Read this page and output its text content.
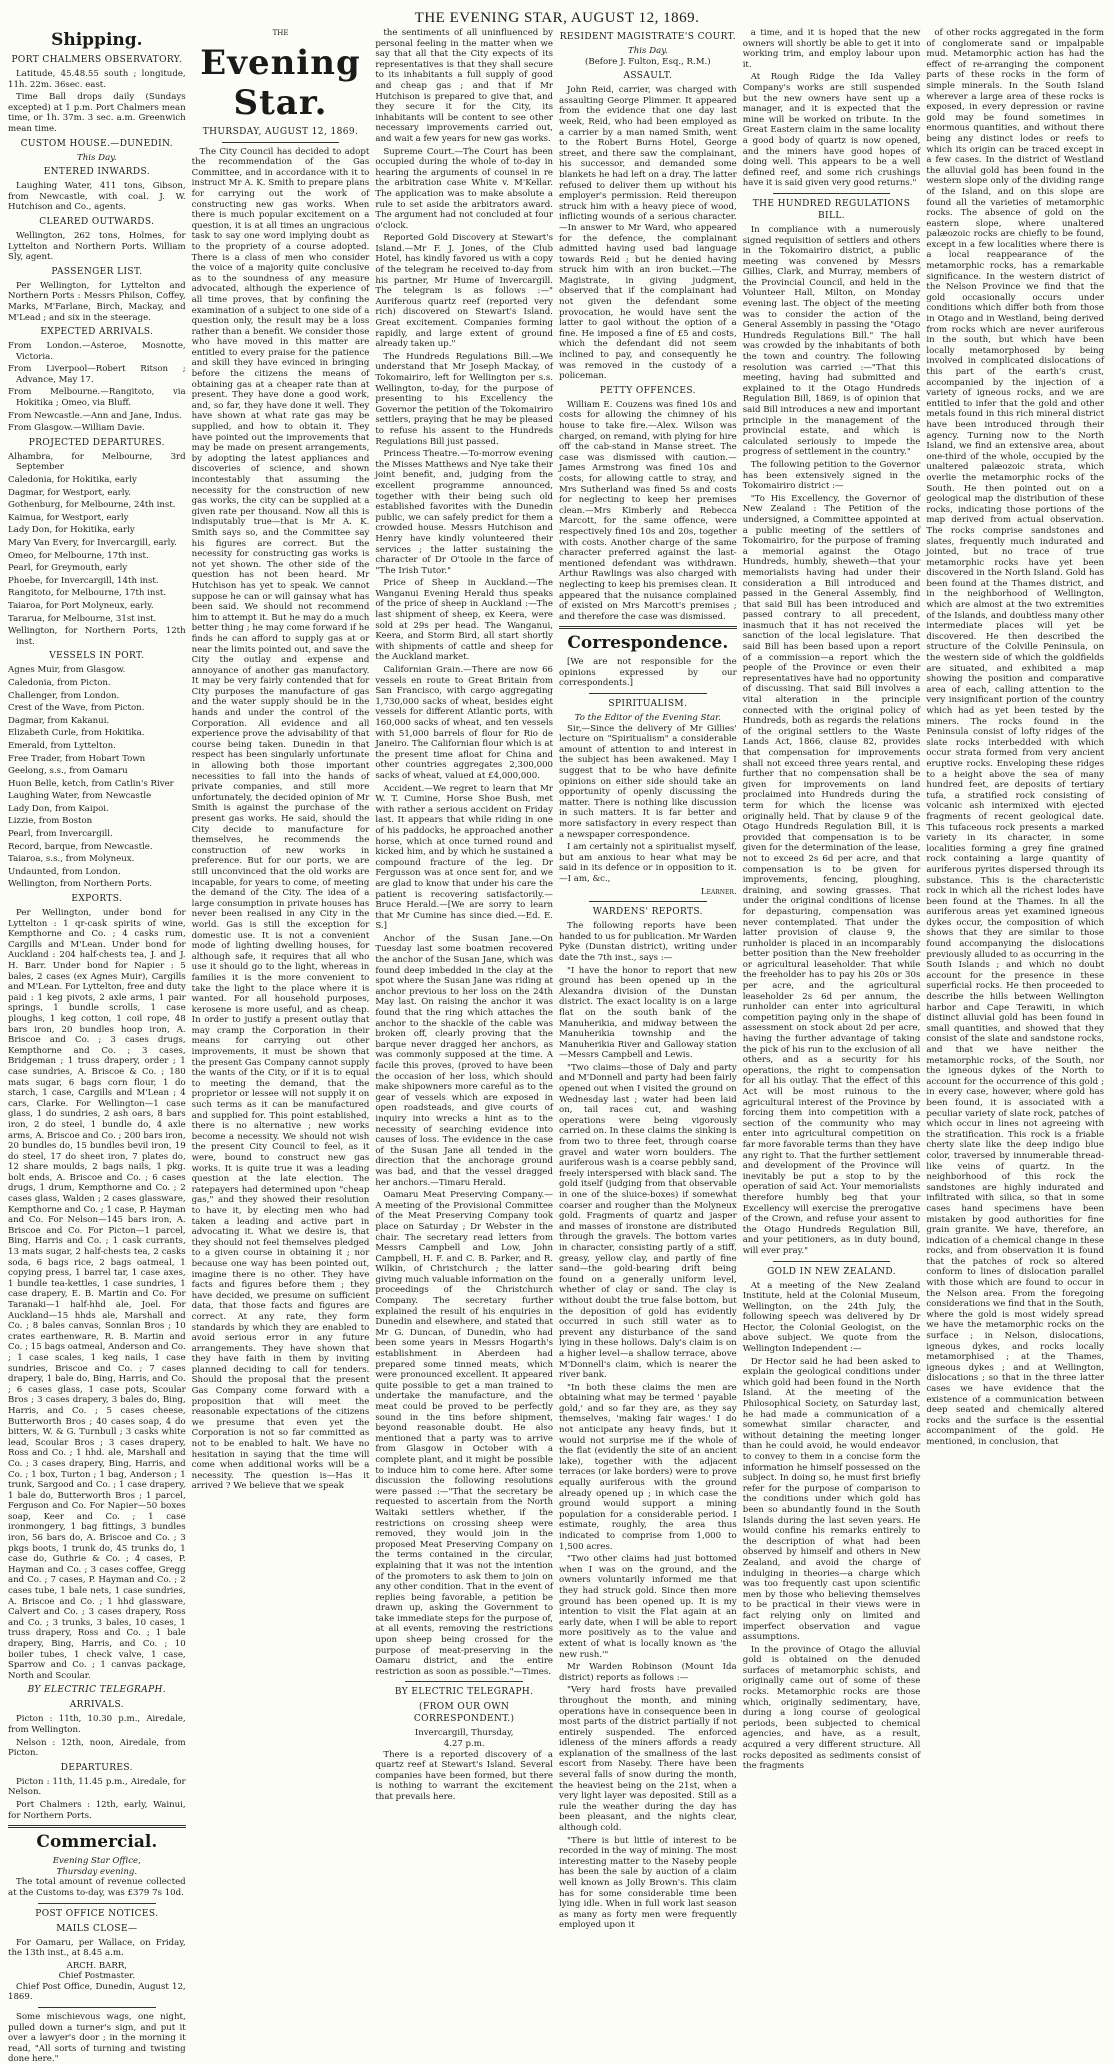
THE EVENING STAR, AUGUST 12, 1869.
Shipping.
PORT CHALMERS OBSERVATORY.

Latitude, 45.48.55 south ; longitude, 11h. 22m. 36sec. east.

Time Ball drops daily (Sundays excepted) at 1 p.m. Port Chalmers mean time, or 1h. 37m. 3 sec. a.m. Greenwich mean time.

CUSTOM HOUSE.—DUNEDIN.
This Day.
ENTERED INWARDS.

Laughing Water, 411 tons, Gibson, from Newcastle, with coal. J. W. Hutchison and Co., agents.

CLEARED OUTWARDS.

Wellington, 262 tons, Holmes, for Lyttelton and Northern Ports. William Sly, agent.

PASSENGER LIST.

Per Wellington, for Lyttelton and Northern Ports : Messrs Philson, Coffey, Marks, M'Farlane, Birch, Mackay, and M'Lead ; and six in the steerage.

EXPECTED ARRIVALS.

From London.—Asteroe, Mosnotte, Victoria.

From Liverpool—Robert Ritson ; Advance, May 17.

From Melbourne.—Rangitoto, via Hokitika ; Omeo, via Bluff.

From Newcastle.—Ann and Jane, Indus.

From Glasgow.—William Davie.

PROJECTED DEPARTURES.

Alhambra, for Melbourne, 3rd September

Caledonia, for Hokitika, early

Dagmar, for Westport, early.

Gothenburg, for Melbourne, 24th inst.

Kaimua, for Westport, early

Lady Don, for Hokitika, early

Mary Van Every, for Invercargill, early.

Omeo, for Melbourne, 17th inst.

Pearl, for Greymouth, early

Phoebe, for Invercargill, 14th inst.

Rangitoto, for Melbourne, 17th inst.

Taiaroa, for Port Molyneux, early.

Tararua, for Melbourne, 31st inst.

Wellington, for Northern Ports, 12th inst.

VESSELS IN PORT.

Agnes Muir, from Glasgow.

Caledonia, from Picton.

Challenger, from London.

Crest of the Wave, from Picton.

Dagmar, from Kakanui.

Elizabeth Curle, from Hokitika.

Emerald, from Lyttelton.

Free Trader, from Hobart Town

Geelong, s.s., from Oamaru

Huon Belle, ketch, from Catlin's River

Laughing Water, from Newcastle

Lady Don, from Kaipoi.

Lizzie, from Boston

Pearl, from Invercargill.

Record, barque, from Newcastle.

Taiaroa, s.s., from Molyneux.

Undaunted, from London.

Wellington, from Northern Ports.

EXPORTS.

Per Wellington, under bond for Lyttelton : 1 qr-cask spirits of wine, Kempthorne and Co. ; 4 casks rum, Cargills and M'Lean. Under bond for Auckland : 204 half-chests tea, J. and J. H. Barr. Under bond for Napier : 5 bales, 2 cases (ex Agnes Muir), Cargills and M'Lean. For Lyttelton, free and duty paid : 1 keg pivots, 2 axle arms, 1 pair springs, 1 bundle scrolls, 1 case ploughs, 1 keg cotton, 1 coil rope, 48 bars iron, 20 bundles hoop iron, A. Briscoe and Co. ; 3 cases drugs, Kempthorne and Co. ; 3 cases, Bridgeman ; 1 truss drapery, order ; 1 case sundries, A. Briscoe & Co. ; 180 mats sugar, 6 bags corn flour, 1 do starch, 1 case, Cargills and M'Lean ; 4 cars, Clarke. For Wellington—1 case glass, 1 do sundries, 2 ash oars, 8 bars iron, 2 do steel, 1 bundle do, 4 axle arms, A. Briscoe and Co. ; 200 bars iron, 20 bundles do, 15 bundles bevil iron, 19 do steel, 17 do sheet iron, 7 plates do, 12 share moulds, 2 bags nails, 1 pkg. bolt ends, A. Briscoe and Co. ; 6 cases drugs, 1 drum, Kempthorne and Co. ; 2 cases glass, Walden ; 2 cases glassware, Kempthorne and Co. ; 1 case, P. Hayman and Co. For Nelson—145 bars iron, A. Briscoe and Co. For Picton—1 parcel, Bing, Harris and Co. ; 1 cask currants, 13 mats sugar, 2 half-chests tea, 2 casks soda, 6 bags rice, 2 bags oatmeal, 1 copying press, 1 barrel tar, 1 case axes, 1 bundle tea-kettles, 1 case sundries, 1 case drapery, E. B. Martin and Co. For Taranaki—1 half-hhd ale, Joel. For Auckland—15 hhds ale, Marshall and Co. ; 8 bales canvas, Sonnlan Bros ; 10 crates earthenware, R. B. Martin and Co. ; 15 bags oatmeal, Anderson and Co. ; 1 case scales, 1 keg nails, 1 case sundries, Briscoe and Co. ; 7 cases drapery, 1 bale do, Bing, Harris, and Co. ; 6 cases glass, 1 case pots, Scoular Bros ; 3 cases drapery, 3 bales do, Bing, Harris, and Co. ; 5 cases cheese, Butterworth Bros ; 40 cases soap, 4 do bitters, W. & G. Turnbull ; 3 casks white lead, Scoular Bros ; 3 cases drapery, Ross and Co. ; 1 hhd. ale, Marshall and Co. ; 3 cases drapery, Bing, Harris, and Co. ; 1 box, Turton ; 1 bag, Anderson ; 1 trunk, Sargood and Co. ; 1 case drapery, 1 bale do, Butterworth Bros ; 1 parcel, Ferguson and Co. For Napier—50 boxes soap, Keer and Co. ; 1 case ironmongery, 1 bag fittings, 3 bundles iron, 56 bars do, A. Briscoe and Co. ; 3 pkgs boots, 1 trunk do, 45 trunks do, 1 case do, Guthrie & Co. ; 4 cases, P. Hayman and Co. ; 3 cases coffee, Gregg and Co. ; 7 cases, P. Hayman and Co. ; 2 cases tube, 1 bale nets, 1 case sundries, A. Briscoe and Co. ; 1 hhd glassware, Calvert and Co. ; 3 cases drapery, Ross and Co. ; 3 trunks, 3 bales, 10 cases, 1 truss drapery, Ross and Co. ; 1 bale drapery, Bing, Harris, and Co. ; 10 boiler tubes, 1 check valve, 1 case, Sparrow and Co. ; 1 canvas package, North and Scoular.

BY ELECTRIC TELEGRAPH.
ARRIVALS.

Picton : 11th, 10.30 p.m., Airedale, from Wellington.

Nelson : 12th, noon, Airedale, from Picton.

DEPARTURES.

Picton : 11th, 11.45 p.m., Airedale, for Nelson.

Port Chalmers : 12th, early, Wainui, for Northern Ports.

Commercial.
Evening Star Office,
Thursday evening.

The total amount of revenue collected at the Customs to-day, was £379 7s 10d.

POST OFFICE NOTICES.
MAILS CLOSE—

For Oamaru, per Wallace, on Friday, the 13th inst., at 8.45 a.m.

ARCH. BARR,
Chief Postmaster.

Chief Post Office, Dunedin, August 12, 1869.

Some mischievous wags, one night, pulled down a turner's sign, and put it over a lawyer's door ; in the morning it read, "All sorts of turning and twisting done here."

THE
Evening Star.
THURSDAY, AUGUST 12, 1869.

The City Council has decided to adopt the recommendation of the Gas Committee, and in accordance with it to instruct Mr A. K. Smith to prepare plans for carrying out the work of constructing new gas works. When there is much popular excitement on a question, it is at all times an ungracious task to say one word implying doubt as to the propriety of a course adopted. There is a class of men who consider the voice of a majority quite conclusive as to the soundness of any measure advocated, although the experience of all time proves, that by confining the examination of a subject to one side of a question only, the result may be a loss rather than a benefit. We consider those who have moved in this matter are entitled to every praise for the patience and skill they have evinced in bringing before the citizens the means of obtaining gas at a cheaper rate than at present. They have done a good work, and, so far, they have done it well. They have shown at what rate gas may be supplied, and how to obtain it. They have pointed out the improvements that may be made on present arrangements, by adopting the latest appliances and discoveries of science, and shown incontestably that assuming the necessity for the construction of new gas works, the city can be supplied at a given rate per thousand. Now all this is indisputably true—that is Mr A. K. Smith says so, and the Committee say his figures are correct. But the necessity for constructing gas works is not yet shown. The other side of the question has not been heard. Mr Hutchison has yet to speak. We cannot suppose he can or will gainsay what has been said. We should not recommend him to attempt it. But he may do a much better thing ; he may come forward if he finds he can afford to supply gas at or near the limits pointed out, and save the City the outlay and expense and annoyance of another gas manufactory. It may be very fairly contended that for City purposes the manufacture of gas and the water supply should be in the hands and under the control of the Corporation. All evidence and all experience prove the advisability of that course being taken. Dunedin in that respect has been singularly unfortunate in allowing both those important necessities to fall into the hands of private companies, and still more unfortunately, the decided opinion of Mr Smith is against the purchase of the present gas works. He said, should the City decide to manufacture for themselves, he recommends the construction of new works in preference. But for our ports, we are still unconvinced that the old works are incapable, for years to come, of meeting the demand of the City. The idea of a large consumption in private houses has never been realised in any City in the world. Gas is still the exception for domestic use. It is not a convenient mode of lighting dwelling houses, for although safe, it requires that all who use it should go to the light, whereas in families it is the more convenient to take the light to the place where it is wanted. For all household purposes, kerosene is more useful, and as cheap. In order to justify a present outlay that may cramp the Corporation in their means for carrying out other improvements, it must be shown that the present Gas Company cannot supply the wants of the City, or if it is to equal to meeting the demand, that the proprietor or lessee will not supply it on such terms as it can be manufactured and supplied for. This point established, there is no alternative ; new works become a necessity. We should not wish the present City Council to feel, as it were, bound to construct new gas works. It is quite true it was a leading question at the late election. The ratepayers had determined upon "cheap gas," and they showed their resolution to have it, by electing men who had taken a leading and active part in advocating it. What we desire is, that they should not feel themselves pledged to a given course in obtaining it ; nor because one way has been pointed out, imagine there is no other. They have facts and figures before them ; they have decided, we presume on sufficient data, that those facts and figures are correct. At any rate, they form standards by which they are enabled to avoid serious error in any future arrangements. They have shown that they have faith in them by inviting planned deciding to call for tenders. Should the proposal that the present Gas Company come forward with a proposition that will meet the reasonable expectations of the citizens we presume that even yet the Corporation is not so far committed as not to be enabled to halt. We have no hesitation in saying that the time will come when additional works will be a necessity. The question is—Has it arrived ? We believe that we speak

the sentiments of all uninfluenced by personal feeling in the matter when we say that all that the City expects of its representatives is that they shall secure to its inhabitants a full supply of good and cheap gas ; and that if Mr Hutchison is prepared to give that, and they secure it for the City, its inhabitants will be content to see other necessary improvements carried out, and wait a few years for new gas works.

Supreme Court.—The Court has been occupied during the whole of to-day in hearing the arguments of counsel in re the arbitration case White v. M'Kellar. The application was to make absolute a rule to set aside the arbitrators award. The argument had not concluded at four o'clock.

Reported Gold Discovery at Stewart's Island.—Mr F. J. Jones, of the Club Hotel, has kindly favored us with a copy of the telegram he received to-day from his partner, Mr Hume of Invercargill. The telegram is as follows :—" Auriferous quartz reef (reported very rich) discovered on Stewart's Island. Great excitement. Companies forming rapidly, and large extent of ground already taken up."

The Hundreds Regulations Bill.—We understand that Mr Joseph Mackay, of Tokomairiro, left for Wellington per s.s. Wellington, to-day, for the purpose of presenting to his Excellency the Governor the petition of the Tokomairiro settlers, praying that he may be pleased to refuse his assent to the Hundreds Regulations Bill just passed.

Princess Theatre.—To-morrow evening the Misses Matthews and Nye take their joint benefit, and, judging from the excellent programme announced, together with their being such old established favorites with the Dunedin public, we can safely predict for them a crowded house. Messrs Hutchison and Henry have kindly volunteered their services ; the latter sustaining the character of Dr O'toole in the farce of "The Irish Tutor."

Price of Sheep in Auckland.—The Wanganui Evening Herald thus speaks of the price of sheep in Auckland :—The last shipment of sheep, ex Keera, were sold at 29s per head. The Wanganui, Keera, and Storm Bird, all start shortly with shipments of cattle and sheep for the Auckland market.

Californian Grain.—There are now 66 vessels en route to Great Britain from San Francisco, with cargo aggregating 1,730,000 sacks of wheat, besides eight vessels for different Atlantic ports, with 160,000 sacks of wheat, and ten vessels with 51,000 barrels of flour for Rio de Janeiro. The Californian flour which is at the present time afloat for China and other countries aggregates 2,300,000 sacks of wheat, valued at £4,000,000.

Accident.—We regret to learn that Mr W. T. Cumine, Horse Shoe Bush, met with rather a serious accident on Friday last. It appears that while riding in one of his paddocks, he approached another horse, which at once turned round and kicked him, and by which he sustained a compound fracture of the leg. Dr Fergusson was at once sent for, and we are glad to know that under his care the patient is recovering satisfactorily.—Bruce Herald.—[We are sorry to learn that Mr Cumine has since died.—Ed. E. S.]

Anchor of the Susan Jane.—On Tuesday last some boatmen recovered the anchor of the Susan Jane, which was found deep imbedded in the clay at the spot where the Susan Jane was riding at anchor previous to her loss on the 24th May last. On raising the anchor it was found that the ring which attaches the anchor to the shackle of the cable was broken off, clearly proving that the barque never dragged her anchors, as was commonly supposed at the time. A facile this proves, (proved to have been the occasion of her loss, which should make shipowners more careful as to the gear of vessels which are exposed in open roadsteads, and give courts of inquiry into wrecks a hint as to the necessity of searching evidence into causes of loss. The evidence in the case of the Susan Jane all tended in the direction that the anchorage ground was bad, and that the vessel dragged her anchors.—Timaru Herald.

Oamaru Meat Preserving Company.—A meeting of the Provisional Committee of the Meat Preserving Company took place on Saturday ; Dr Webster in the chair. The secretary read letters from Messrs Campbell and Low, John Campbell, H. F. and C. B. Parker, and R. Wilkin, of Christchurch ; the latter giving much valuable information on the proceedings of the Christchurch Company. The secretary further explained the result of his enquiries in Dunedin and elsewhere, and stated that Mr G. Duncan, of Dunedin, who had been some years in Messrs Hogarth's establishment in Aberdeen had prepared some tinned meats, which were pronounced excellent. It appeared quite possible to get a man trained to undertake the manufacture, and the meat could be proved to be perfectly sound in the tins before shipment, beyond reasonable doubt. He also mentioned that a party was to arrive from Glasgow in October with a complete plant, and it might be possible to induce him to come here. After some discussion the following resolutions were passed :—"That the secretary be requested to ascertain from the North Waitaki settlers whether, if the restrictions on crossing sheep were removed, they would join in the proposed Meat Preserving Company on the terms contained in the circular, explaining that it was not the intention of the promoters to ask them to join on any other condition. That in the event of replies being favorable, a petition be drawn up, asking the Government to take immediate steps for the purpose of, at all events, removing the restrictions upon sheep being crossed for the purpose of meat-preserving in the Oamaru district, and the entire restriction as soon as possible."—Times.

BY ELECTRIC TELEGRAPH.
(FROM OUR OWN CORRESPONDENT.)
Invercargill, Thursday,
4.27 p.m.

There is a reported discovery of a quartz reef at Stewart's Island. Several companies have been formed, but there is nothing to warrant the excitement that prevails here.

RESIDENT MAGISTRATE'S COURT.
This Day.
(Before J. Fulton, Esq., R.M.)
ASSAULT.

John Reid, carrier, was charged with assaulting George Plimmer. It appeared from the evidence that one day last week, Reid, who had been employed as a carrier by a man named Smith, went to the Robert Burns Hotel, George street, and there saw the complainant, his successor, and demanded some blankets he had left on a dray. The latter refused to deliver them up without his employer's permission. Reid thereupon struck him with a heavy piece of wood, inflicting wounds of a serious character.—In answer to Mr Ward, who appeared for the defence, the complainant admitted having used bad language towards Reid ; but he denied having struck him with an iron bucket.—The Magistrate, in giving judgment, observed that if the complainant had not given the defendant some provocation, he would have sent the latter to gaol without the option of a fine. He imposed a fine of £5 and costs, which the defendant did not seem inclined to pay, and consequently he was removed in the custody of a policeman.

PETTY OFFENCES.

William E. Couzens was fined 10s and costs for allowing the chimney of his house to take fire.—Alex. Wilson was charged, on remand, with plying for hire off the cab-stand in Manse street. The case was dismissed with caution.—James Armstrong was fined 10s and costs, for allowing cattle to stray, and Mrs Sutherland was fined 5s and costs for neglecting to keep her premises clean.—Mrs Kimberly and Rebecca Marcott, for the same offence, were respectively fined 10s and 20s, together with costs. Another charge of the same character preferred against the last-mentioned defendant was withdrawn. Arthur Rawlings was also charged with neglecting to keep his premises clean. It appeared that the nuisance complained of existed on Mrs Marcott's premises ; and therefore the case was dismissed.

Correspondence.

[We are not responsible for the opinions expressed by our correspondents.]

SPIRITUALISM.
To the Editor of the Evening Star.

Sir,—Since the delivery of Mr Gillies' lecture on "Spiritualism" a considerable amount of attention to and interest in the subject has been awakened. May I suggest that to be who have definite opinions on either side should take an opportunity of openly discussing the matter. There is nothing like discussion in such matters. It is far better and more satisfactory in every respect than a newspaper correspondence.

I am certainly not a spiritualist myself, but am anxious to hear what may be said in its defence or in opposition to it.—I am, &c.,

Learner.
WARDENS' REPORTS.

The following reports have been handed to us for publication. Mr Warden Pyke (Dunstan district), writing under date the 7th inst., says :—

"I have the honor to report that new ground has been opened up in the Alexandra division of the Dunstan district. The exact locality is on a large flat on the south bank of the Manuherikia, and midway between the Manuherikia township and the Manuherikia River and Galloway station—Messrs Campbell and Lewis.

"Two claims—those of Daly and party and M'Donnell and party had been fairly opened out when I visited the ground on Wednesday last ; water had been laid on, tail races cut, and washing operations were being vigorously carried on. In these claims the sinking is from two to three feet, through coarse gravel and water worn boulders. The auriferous wash is a coarse pebbly sand, freely interspersed with black sand. The gold itself (judging from that observable in one of the sluice-boxes) if somewhat coarser and rougher than the Molyneux gold. Fragments of quartz and jasper and masses of ironstone are distributed through the gravels. The bottom varies in character, consisting partly of a stiff, greasy, yellow clay, and partly of fine sand—the gold-bearing drift being found on a generally uniform level, whether of clay or sand. The clay is without doubt the true false bottom, but the deposition of gold has evidently occurred in such still water as to prevent any disturbance of the sand lying in these hollows. Daly's claim is on a higher level—a shallow terrace, above M'Donnell's claim, which is nearer the river bank.

"In both these claims the men are obtaining what may be termed ' payable gold,' and so far they are, as they say themselves, 'making fair wages.' I do not anticipate any heavy finds, but it would not surprise me if the whole of the flat (evidently the site of an ancient lake), together with the adjacent terraces (or lake borders) were to prove equally auriferous with the ground already opened up ; in which case the ground would support a mining population for a considerable period. I estimate, roughly, the area thus indicated to comprise from 1,000 to 1,500 acres.

"Two other claims had just bottomed when I was on the ground, and the owners voluntarily informed me that they had struck gold. Since then more ground has been opened up. It is my intention to visit the Flat again at an early date, when I will be able to report more positively as to the value and extent of what is locally known as 'the new rush.'"

Mr Warden Robinson (Mount Ida district) reports as follows :—

"Very hard frosts have prevailed throughout the month, and mining operations have in consequence been in most parts of the district partially if not entirely suspended. The enforced idleness of the miners affords a ready explanation of the smallness of the last escort from Naseby. There have been several falls of snow during the month, the heaviest being on the 21st, when a very light layer was deposited. Still as a rule the weather during the day has been pleasant, and the nights clear, although cold.

"There is but little of interest to be recorded in the way of mining. The most interesting matter to the Naseby people has been the sale by auction of a claim well known as Jolly Brown's. This claim has for some considerable time been lying idle. When in full work last season as many as forty men were frequently employed upon it

a time, and it is hoped that the new owners will shortly be able to get it into working trim, and employ labour upon it.

At Rough Ridge the Ida Valley Company's works are still suspended but the new owners have sent up a manager, and it is expected that the mine will be worked on tribute. In the Great Eastern claim in the same locality a good body of quartz is now opened, and the miners have good hopes of doing well. This appears to be a well defined reef, and some rich crushings have it is said given very good returns."

THE HUNDRED REGULATIONS BILL.

In compliance with a numerously signed requisition of settlers and others in the Tokomairiro district, a public meeting was convened by Messrs Gillies, Clark, and Murray, members of the Provincial Council, and held in the Volunteer Hall, Milton, on Monday evening last. The object of the meeting was to consider the action of the General Assembly in passing the "Otago Hundreds Regulations Bill." The hall was crowded by the inhabitants of both the town and country. The following resolution was carried :—"That this meeting, having had submitted and explained to it the Otago Hundreds Regulation Bill, 1869, is of opinion that said Bill introduces a new and important principle in the management of the provincial estate, and which is calculated seriously to impede the progress of settlement in the country."

The following petition to the Governor has been extensively signed in the Tokomairiro district :—

"To His Excellency, the Governor of New Zealand : The Petition of the undersigned, a Committee appointed at a public meeting of the settlers of Tokomairiro, for the purpose of framing a memorial against the Otago Hundreds, humbly, sheweth—that your memorialists having had under their consideration a Bill introduced and passed in the General Assembly, find that said Bill has been introduced and passed contrary to all precedent, inasmuch that it has not received the sanction of the local legislature. That said Bill has been based upon a report of a commission—a report which the people of the Province or even their representatives have had no opportunity of discussing. That said Bill involves a vital alteration in the principle connected with the original policy of Hundreds, both as regards the relations of the original settlers to the Waste Lands Act, 1866, clause 82, provides that compensation for improvements shall not exceed three years rental, and further that no compensation shall be given for improvements on land proclaimed into Hundreds during the term for which the license was originally held. That by clause 9 of the Otago Hundreds Regulation Bill, it is provided that compensation is to be given for the determination of the lease, not to exceed 2s 6d per acre, and that compensation is to be given for improvements, fencing, ploughing, draining, and sowing grasses. That under the original conditions of license for depasturing, compensation was never contemplated. That under the latter provision of clause 9, the runholder is placed in an incomparably better position than the New freeholder or agricultural leaseholder. That while the freeholder has to pay his 20s or 30s per acre, and the agricultural leaseholder 2s 6d per annum, the runholder can enter into agricultural competition paying only in the shape of assessment on stock about 2d per acre, having the further advantage of taking the pick of his run to the exclusion of all others, and as a security for his operations, the right to compensation for all his outlay. That the effect of this Act will be most ruinous to the agricultural interest of the Province by forcing them into competition with a section of the community who may enter into agricultural competition on far more favorable terms than they have any right to. That the further settlement and development of the Province will inevitably be put a stop to by the operation of said Act. Your memorialists therefore humbly beg that your Excellency will exercise the prerogative of the Crown, and refuse your assent to the Otago Hundreds Regulation Bill, and your petitioners, as in duty bound, will ever pray."

GOLD IN NEW ZEALAND.

At a meeting of the New Zealand Institute, held at the Colonial Museum, Wellington, on the 24th July, the following speech was delivered by Dr Hector, the Colonial Geologist, on the above subject. We quote from the Wellington Independent :—

Dr Hector said he had been asked to explain the geological conditions under which gold had been found in the North Island. At the meeting of the Philosophical Society, on Saturday last, he had made a communication of a somewhat similar character, and without detaining the meeting longer than he could avoid, he would endeavor to convey to them in a concise form the information he himself possessed on the subject. In doing so, he must first briefly refer for the purpose of comparison to the conditions under which gold has been so abundantly found in the South Islands during the last seven years. He would confine his remarks entirely to the description of what had been observed by himself and others in New Zealand, and avoid the charge of indulging in theories—a charge which was too frequently cast upon scientific men by those who believing themselves to be practical in their views were in fact relying only on limited and imperfect observation and vague assumptions.

In the province of Otago the alluvial gold is obtained on the denuded surfaces of metamorphic schists, and originally came out of some of these rocks. Metamorphic rocks are those which, originally sedimentary, have, during a long course of geological periods, been subjected to chemical agencies, and have, as a result, acquired a very different structure. All rocks deposited as sediments consist of the fragments

of other rocks aggregated in the form of conglomerate sand or impalpable mud. Metamorphic action has had the effect of re-arranging the component parts of these rocks in the form of simple minerals. In the South Island wherever a large area of these rocks is exposed, in every depression or ravine gold may be found sometimes in enormous quantities, and without there being any distinct lodes or reefs to which its origin can be traced except in a few cases. In the district of Westland the alluvial gold has been found in the western slope only of the dividing range of the Island, and on this slope are found all the varieties of metamorphic rocks. The absence of gold on the eastern slope, where unaltered palæozoic rocks are chiefly to be found, except in a few localities where there is a local reappearance of the metamorphic rocks, has a remarkable significance. In the western district of the Nelson Province we find that the gold occasionally occurs under conditions which differ both from those in Otago and in Westland, being derived from rocks which are never auriferous in the south, but which have been locally metamorphosed by being involved in complicated dislocations of this part of the earth's crust, accompanied by the injection of a variety of igneous rocks, and we are entitled to infer that the gold and other metals found in this rich mineral district have been introduced through their agency. Turning now to the North Island, we find an extensive area, about one-third of the whole, occupied by the unaltered palæozoic strata, which overlie the metamorphic rocks of the South. He then pointed out on a geological map the distribution of these rocks, indicating those portions of the map derived from actual observation. The rocks comprise sandstones and slates, frequently much indurated and jointed, but no trace of true metamorphic rocks have yet been discovered in the North Island. Gold has been found at the Thames district, and in the neighborhood of Wellington, which are almost at the two extremities of the Islands, and doubtless many other intermediate places will yet be discovered. He then described the structure of the Colville Peninsula, on the western side of which the goldfields are situated, and exhibited a map showing the position and comparative area of each, calling attention to the very insignificant portion of the country which had as yet been tested by the miners. The rocks found in the Peninsula consist of lofty ridges of the slate rocks interbedded with which occur strata formed from very ancient eruptive rocks. Enveloping these ridges to a height above the sea of many hundred feet, are deposits of tertiary tufa, a stratified rock consisting of volcanic ash intermixed with ejected fragments of recent geological date. This tufaceous rock presents a marked variety in its character, in some localities forming a grey fine grained rock containing a large quantity of auriferous pyrites dispersed through its substance. This is the characteristic rock in which all the richest lodes have been found at the Thames. In all the auriferous areas yet examined igneous dykes occur, the composition of which shows that they are similar to those found accompanying the dislocations previously alluded to as occurring in the South Islands ; and which no doubt account for the presence in these superficial rocks. He then proceeded to describe the hills between Wellington harbor and Cape Terawiti, in which distinct alluvial gold has been found in small quantities, and showed that they consist of the slate and sandstone rocks, and that we have neither the metamorphic rocks, of the South, nor the igneous dykes of the North to account for the occurrence of this gold ; in every case, however, where gold has been found, it is associated with a peculiar variety of slate rock, patches of which occur in lines not agreeing with the stratification. This rock is a friable cherty slate like the deep indigo blue color, traversed by innumerable thread-like veins of quartz. In the neighborhood of this rock the sandstones are highly indurated and infiltrated with silica, so that in some cases hand specimens have been mistaken by good authorities for fine grain granite. We have, therefore, an indication of a chemical change in these rocks, and from observation it is found that the patches of rock so altered conform to lines of dislocation parallel with those which are found to occur in the Nelson area. From the foregoing considerations we find that in the South, where the gold is most widely spread we have the metamorphic rocks on the surface ; in Nelson, dislocations, igneous dykes, and rocks locally metamorphised ; at the Thames, igneous dykes ; and at Wellington, dislocations ; so that in the three latter cases we have evidence that the existence of a communication between deep seated and chemically altered rocks and the surface is the essential accompaniment of the gold. He mentioned, in conclusion, that
